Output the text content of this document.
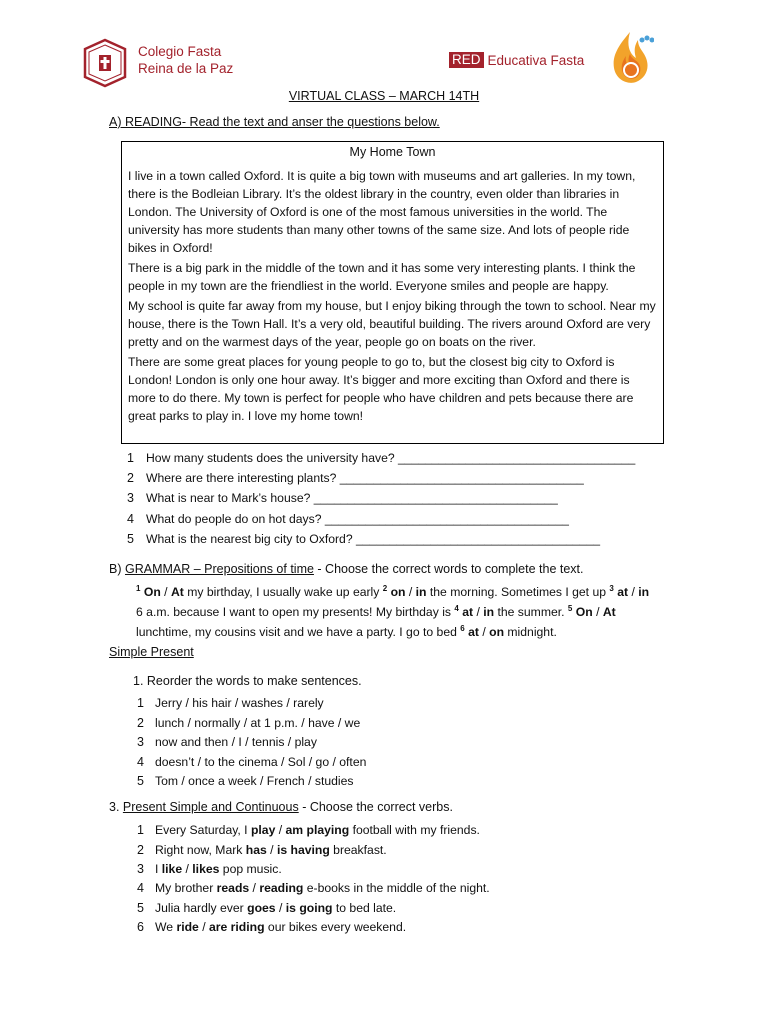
Colegio Fasta
Reina de la Paz
RED Educativa Fasta
VIRTUAL CLASS – MARCH 14TH
A) READING- Read the text and anser the questions below.
My Home Town

I live in a town called Oxford. It is quite a big town with museums and art galleries. In my town, there is the Bodleian Library. It’s the oldest library in the country, even older than libraries in London. The University of Oxford is one of the most famous universities in the world. The university has more students than many other towns of the same size. And lots of people ride bikes in Oxford!

There is a big park in the middle of the town and it has some very interesting plants. I think the people in my town are the friendliest in the world. Everyone smiles and people are happy.

My school is quite far away from my house, but I enjoy biking through the town to school. Near my house, there is the Town Hall. It’s a very old, beautiful building. The rivers around Oxford are very pretty and on the warmest days of the year, people go on boats on the river.

There are some great places for young people to go to, but the closest big city to Oxford is London! London is only one hour away. It’s bigger and more exciting than Oxford and there is more to do there. My town is perfect for people who have children and pets because there are great parks to play in. I love my home town!

1 How many students does the university have? ___________________________________
2 Where are there interesting plants? ____________________________________
3 What is near to Mark’s house? ____________________________________
4 What do people do on hot days? ____________________________________
5 What is the nearest big city to Oxford? ____________________________________
B) GRAMMAR – Prepositions of time - Choose the correct words to complete the text.
$^1$ On / At my birthday, I usually wake up early $^2$ on / in the morning. Sometimes I get up $^3$ at / in 6 a.m. because I want to open my presents! My birthday is $^4$ at / in the summer. $^5$ On / At lunchtime, my cousins visit and we have a party. I go to bed $^6$ at / on midnight.
Simple Present
1. Reorder the words to make sentences.
1 Jerry / his hair / washes / rarely
2 lunch / normally / at 1 p.m. / have / we
3 now and then / I / tennis / play
4 doesn’t / to the cinema / Sol / go / often
5 Tom / once a week / French / studies
3. Present Simple and Continuous - Choose the correct verbs.
1 Every Saturday, I play / am playing football with my friends.
2 Right now, Mark has / is having breakfast.
3 I like / likes pop music.
4 My brother reads / reading e-books in the middle of the night.
5 Julia hardly ever goes / is going to bed late.
6 We ride / are riding our bikes every weekend.
